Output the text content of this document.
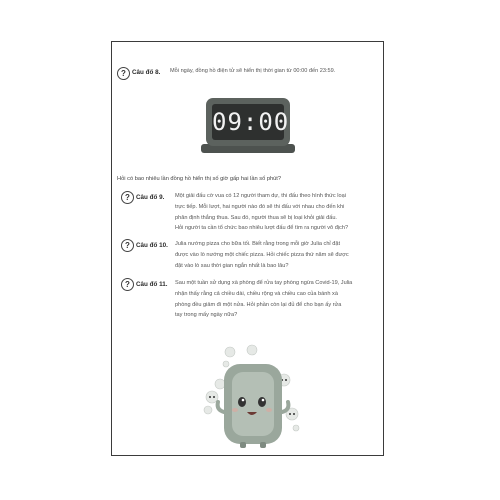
? Câu đố 8. Mỗi ngày, đồng hồ điện tử sẽ hiển thị thời gian từ 00:00 đến 23:59.
09:00
Hỏi có bao nhiêu lần đồng hồ hiển thị số giờ gấp hai lần số phút?
? Câu đố 9. Một giải đấu cờ vua có 12 người tham dự, thi đấu theo hình thức loại
trực tiếp. Mỗi lượt, hai người nào đó sẽ thi đấu với nhau cho đến khi
phân định thắng thua. Sau đó, người thua sẽ bị loại khỏi giải đấu.
Hỏi người ta cần tổ chức bao nhiêu lượt đấu để tìm ra người vô địch?
? Câu đố 10. Julia nướng pizza cho bữa tối. Biết rằng trong mỗi giờ Julia chỉ đặt
được vào lò nướng một chiếc pizza. Hỏi chiếc pizza thứ năm sẽ được
đặt vào lò sau thời gian ngắn nhất là bao lâu?
? Câu đố 11. Sau một tuần sử dụng xà phòng để rửa tay phòng ngừa Covid-19, Julia
nhận thấy rằng cả chiều dài, chiều rộng và chiều cao của bánh xà
phòng đều giảm đi một nửa. Hỏi phần còn lại đủ để cho bạn ấy rửa
tay trong mấy ngày nữa?
